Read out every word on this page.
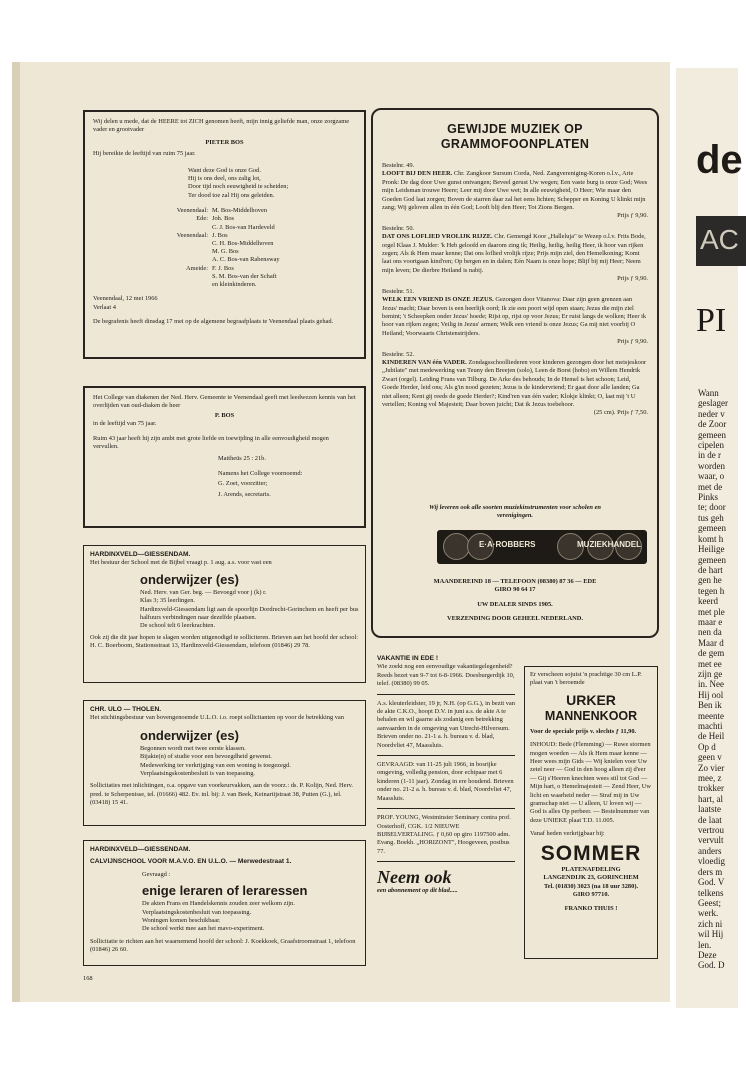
Wij delen u mede, dat de HEERE tot ZICH genomen heeft, mijn innig geliefde man, onze zorgzame vader en grootvader

PIETER BOS

Hij bereikte de leeftijd van ruim 75 jaar.

Want deze God is onze God.

Hij is ons deel, ons zalig lot,

Door tijd noch eeuwigheid te scheiden;

Ter dood toe zal Hij ons geleiden.

Veenendaal: M. Bos-Middelhoven
Ede: Joh. Bos
C. J. Bos-van Hardeveld
Veenendaal: J. Bos
C. H. Bos-Middelhoven
M. G. Bos
A. C. Bos-van Rabensway
Ameide: F. J. Bos
S. M. Bos-van der Schaft
en kleinkinderen.

Veenendaal, 12 mei 1966

Verlaat 4

De begrafenis heeft dinsdag 17 mei op de algemene begraafplaats te Veenendaal plaats gehad.

Het College van diakenen der Ned. Herv. Gemeente te Veenendaal geeft met leedwezen kennis van het overlijden van oud-diaken de heer

P. BOS

in de leeftijd van 75 jaar.

Ruim 43 jaar heeft hij zijn ambt met grote liefde en toewijding in alle eenvoudigheid mogen vervullen.

Mattheüs 25 : 21b.

Namens het College voornoemd:

G. Zoet, voorzitter;

J. Arends, secretaris.

HARDINXVELD—GIESSENDAM.

Het bestuur der School met de Bijbel vraagt p. 1 aug. a.s. voor vast een

onderwijzer (es)

Ned. Herv. van Ger. beg. — Bevoegd voor j (k) r.

Klas 3; 35 leerlingen.

Hardinxveld-Giessendam ligt aan de spoorlijn Dordrecht-Gorinchem en heeft per bus halfuurs verbindingen naar dezelfde plaatsen.

De school telt 6 leerkrachten.

Ook zij die dit jaar hopen te slagen worden uitgenodigd te solliciteren. Brieven aan het hoofd der school: H. C. Boerboom, Stationsstraat 13, Hardinxveld-Giessendam, telefoon (01846) 29 78.

CHR. ULO — THOLEN.

Het stichtingsbestuur van bovengenoemde U.L.O. i.o. roept sollicitanten op voor de betrekking van

onderwijzer (es)

Begonnen wordt met twee eerste klassen.

Bijakte(n) of studie voor een bevoegdheid gewenst.

Medewerking ter verkrijging van een woning is toegezegd.

Verplaatsingskostenbesluit is van toepassing.

Sollicitaties met inlichtingen, o.a. opgave van voorkeurvakken, aan de voorz.: ds. P. Kolijn, Ned. Herv. pred. te Scherpenisse, tel. (01666) 482. Ev. inl. bij: J. van Beek, Keinartijstraat 38, Putten (G.), tel. (03418) 15 41.

HARDINXVELD—GIESSENDAM.

CALVIJNSCHOOL VOOR M.A.V.O. EN U.L.O. — Merwedestraat 1.

Gevraagd :

enige leraren of leraressen

De akten Frans en Handelskennis zouden zeer welkom zijn.

Verplaatsingskostenbesluit van toepassing.

Woningen komen beschikbaar.

De school werkt mee aan het mavo-experiment.

Sollicitatie te richten aan het waarnemend hoofd der school: J. Koekkoek, Graafstroomstraat 1, telefoon (01846) 26 60.

168

GEWIJDE MUZIEK OP

GRAMMOFOONPLATEN

Bestelnr. 49.

LOOFT BIJ DEN HEER. Chr. Zangkoor Sursum Corda, Ned. Zangvereniging-Koren o.l.v., Arie Pronk: De dag door Uwe gunst ontvangen; Beveel gerust Uw wegen; Een vaste burg is onze God; Wees mijn Leidsman trouwe Heere; Leer mij door Uwe wet; In alle eeuwigheid, O Heer; Wie maar den Goeden God laat zorgen; Boven de starren daar zal het eens lichten; Schepper en Koning U klinkt mijn zang; Wij geloven allen in één God; Looft blij den Heer; Tot Zions Bergen.

Prijs ƒ 9,90.

Bestelnr. 50.

DAT ONS LOFLIED VROLIJK RIJZE. Chr. Gemengd Koor „Halleluja" te Wezep o.l.v. Frits Bode, orgel Klaas J. Mulder: 'k Heb geloofd en daarom zing ik; Heilig, heilig, heilig Heer, ik hoor van rijken zegen; Als ik Hem maar kenne; Dat ons loflied vrolijk rijze; Prijs mijn ziel, den Hemelkoning; Komt laat ons voortgaan kind'ren; Op bergen en in dalen; Eén Naam is onze hope; Blijf bij mij Heer; Neem mijn leven; De dierbre Heiland is nabij.

Prijs ƒ 9,90.

Bestelnr. 51.

WELK EEN VRIEND IS ONZE JEZUS. Gezongen door Vitanova: Daar zijn geen grenzen aan Jezus' macht; Daar boven is een heerlijk oord; Ik zie een poort wijd open staan; Jezus die mijn ziel bemint; 't Scheepken onder Jezus' hoede; Rijst op, rijst op voor Jezus; Er ruist langs de wolken; Heer ik hoor van rijken zegen; Veilig in Jezus' armen; Welk een vriend is onze Jezus; Ga mij niet voorbij O Heiland; Voorwaarts Christenstrijders.

Prijs ƒ 9,90.

Bestelnr. 52.

KINDEREN VAN één VADER. Zondagsschoolliederen voor kinderen gezongen door het meisjeskoor „Jubilate" met medewerking van Teuny den Breejen (solo), Leen de Borst (hobo) en Willem Hendrik Zwart (orgel). Leiding Frans van Tilburg. De Arke des behouds; In de Hemel is het schoon; Leid, Goede Herder, leid ons; Als g'in nood gezeten; Jezus is de kindervriend; Er gaat door alle landen; Ga niet alleen; Kent gij reeds de goede Herder?; Kind'ren van één vader; Klokje klinkt; O, laat mij 't U vertellen; Koning vol Majesteit; Daar boven juicht; Dat ik Jezus toebehoor.

(25 cm). Prijs ƒ 7,50.

Wij leveren ook alle soorten muziekinstrumenten voor scholen en verenigingen.

E·A·ROBBERS	MUZIEKHANDEL

MAANDEREIND 18 — TELEFOON (08380) 87 36 — EDE

GIRO 90 64 17

UW DEALER SINDS 1905.

VERZENDING DOOR GEHEEL NEDERLAND.

VAKANTIE IN EDE !

Wie zoekt nog een eenvoudige vakantiegelegenheid? Reeds bezet van 9-7 tot 6-8-1966. Doesburgerdijk 10, telef. (08380) 99 05.

A.s. kleuterleidster, 19 jr, N.H. (op G.G.), in bezit van de akte C.K.O., hoopt D.V. in juni a.s. de akte A te behalen en wil gaarne als zodanig een betrekking aanvaarden in de omgeving van Utrecht-Hilversum. Brieven onder no. 21-1 a. h. bureau v. d. blad, Noordvliet 47, Maassluis.

GEVRAAGD: van 11-25 juli 1966, in bosrijke omgeving, volledig pension, door echtpaar met 6 kinderen (1-11 jaar). Zondag in ere houdend. Brieven onder no. 21-2 a. h. bureau v. d. blad, Noordvliet 47, Maassluis.

PROF. YOUNG, Westminster Seminary contra prof. Oosterhoff, CGK. 1/2 NIEUWE BIJBELVERTALING. ƒ 0,60 op giro 1197500 adm. Evang. Boekh. „HORIZONT", Hoogeveen, postbus 77.

Neem ook

een abonnement op dit blad.....

Er verscheen sojuist 'n prachtige 30 cm L.P. plaat van 't beroemde

URKER

MANNENKOOR

Voor de speciale prijs v. slechts ƒ 11,90.

INHOUD: Bede (Flemming) — Ruwe stormen mogen woeden — Als ik Hem maar kenne — Heer wees mijn Gids — Wij knielen voor Uw zetel neer — God in den hoog alleen zij d'eer — Gij s'Heeren knechten wees stil tot God — Mijn hart, o Hemelmajesteit — Zend Heer, Uw licht en waarheid neder — Straf mij in Uw gramschap niet — U alleen, U loven wij — God is alles Op perbeer. — Bestelnummer van deze UNIEKE plaat T.D. 11.005.

Vanaf heden verkrijgbaar bij:

SOMMER

PLATENAFDELING

LANGENDIJK 23, GORINCHEM

Tel. (01830) 3023 (na 18 uur 3280).

GIRO 97710.

FRANKO THUIS !

de

AC

PI

Wann
geslager
neder v
de Zoor
gemeen
cipelen
in de r
worden
waar, o
met de
Pinks
te; door
tus geh
gemeen
komt h
Heilige
gemeen
de hart
gen he
tegen h
keerd
met ple
maar e
nen da
Maar d
de gem
met ee
zijn ge
in. Nee
Hij ool
Ben ik
meente
machti
de Heil
Op d
geen v
Zo vier
mee, z
trokker
hart, al
laatste
de laat
vertrou
vervult
anders
vloedig
ders m
God. V
telkens
Geest;
werk.
zich ni
wil Hij
len.
Deze
God. D
